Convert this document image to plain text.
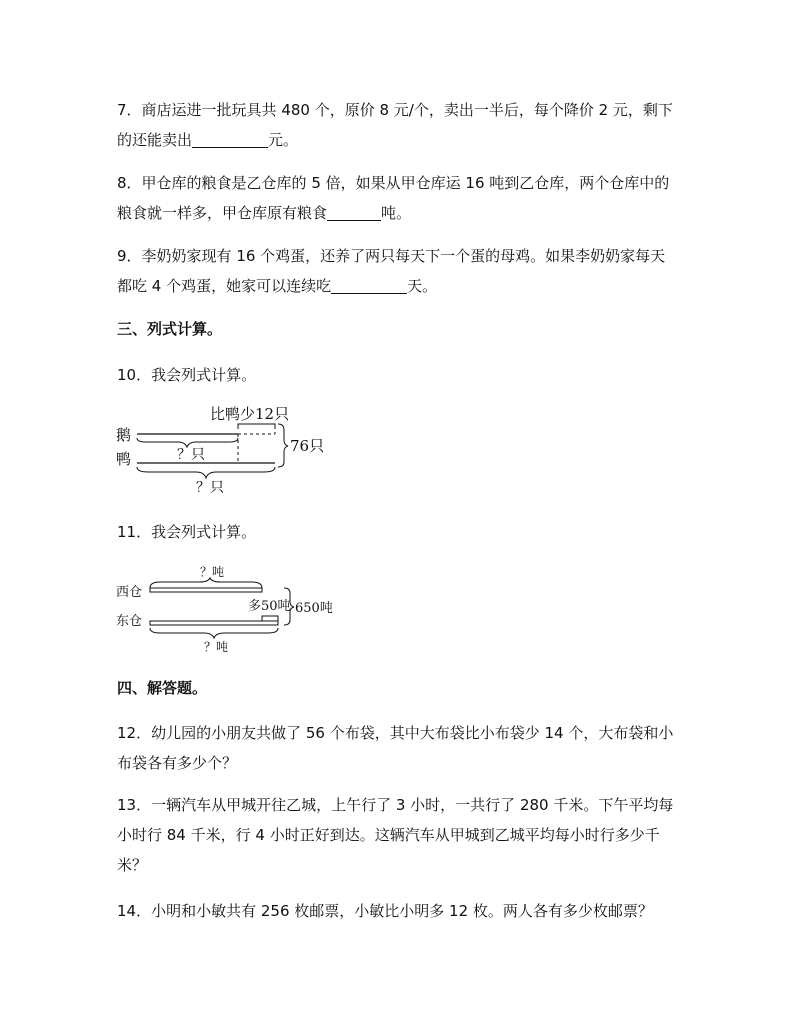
7．商店运进一批玩具共 480 个，原价 8 元/个，卖出一半后，每个降价 2 元，剩下
的还能卖出	元。
8．甲仓库的粮食是乙仓库的 5 倍，如果从甲仓库运 16 吨到乙仓库，两个仓库中的
粮食就一样多，甲仓库原有粮食	吨。
9．李奶奶家现有 16 个鸡蛋，还养了两只每天下一个蛋的母鸡。如果李奶奶家每天
都吃 4 个鸡蛋，她家可以连续吃	天。
三、列式计算。
10．我会列式计算。
比鸭少12只
鹅
鸭	？只
？只
76只
11．我会列式计算。
？吨
西仓
多50吨
东仓
？吨
650吨
四、解答题。
12．幼儿园的小朋友共做了 56 个布袋，其中大布袋比小布袋少 14 个，大布袋和小
布袋各有多少个？
13．一辆汽车从甲城开往乙城，上午行了 3 小时，一共行了 280 千米。下午平均每
小时行 84 千米，行 4 小时正好到达。这辆汽车从甲城到乙城平均每小时行多少千
米？
14．小明和小敏共有 256 枚邮票，小敏比小明多 12 枚。两人各有多少枚邮票？
